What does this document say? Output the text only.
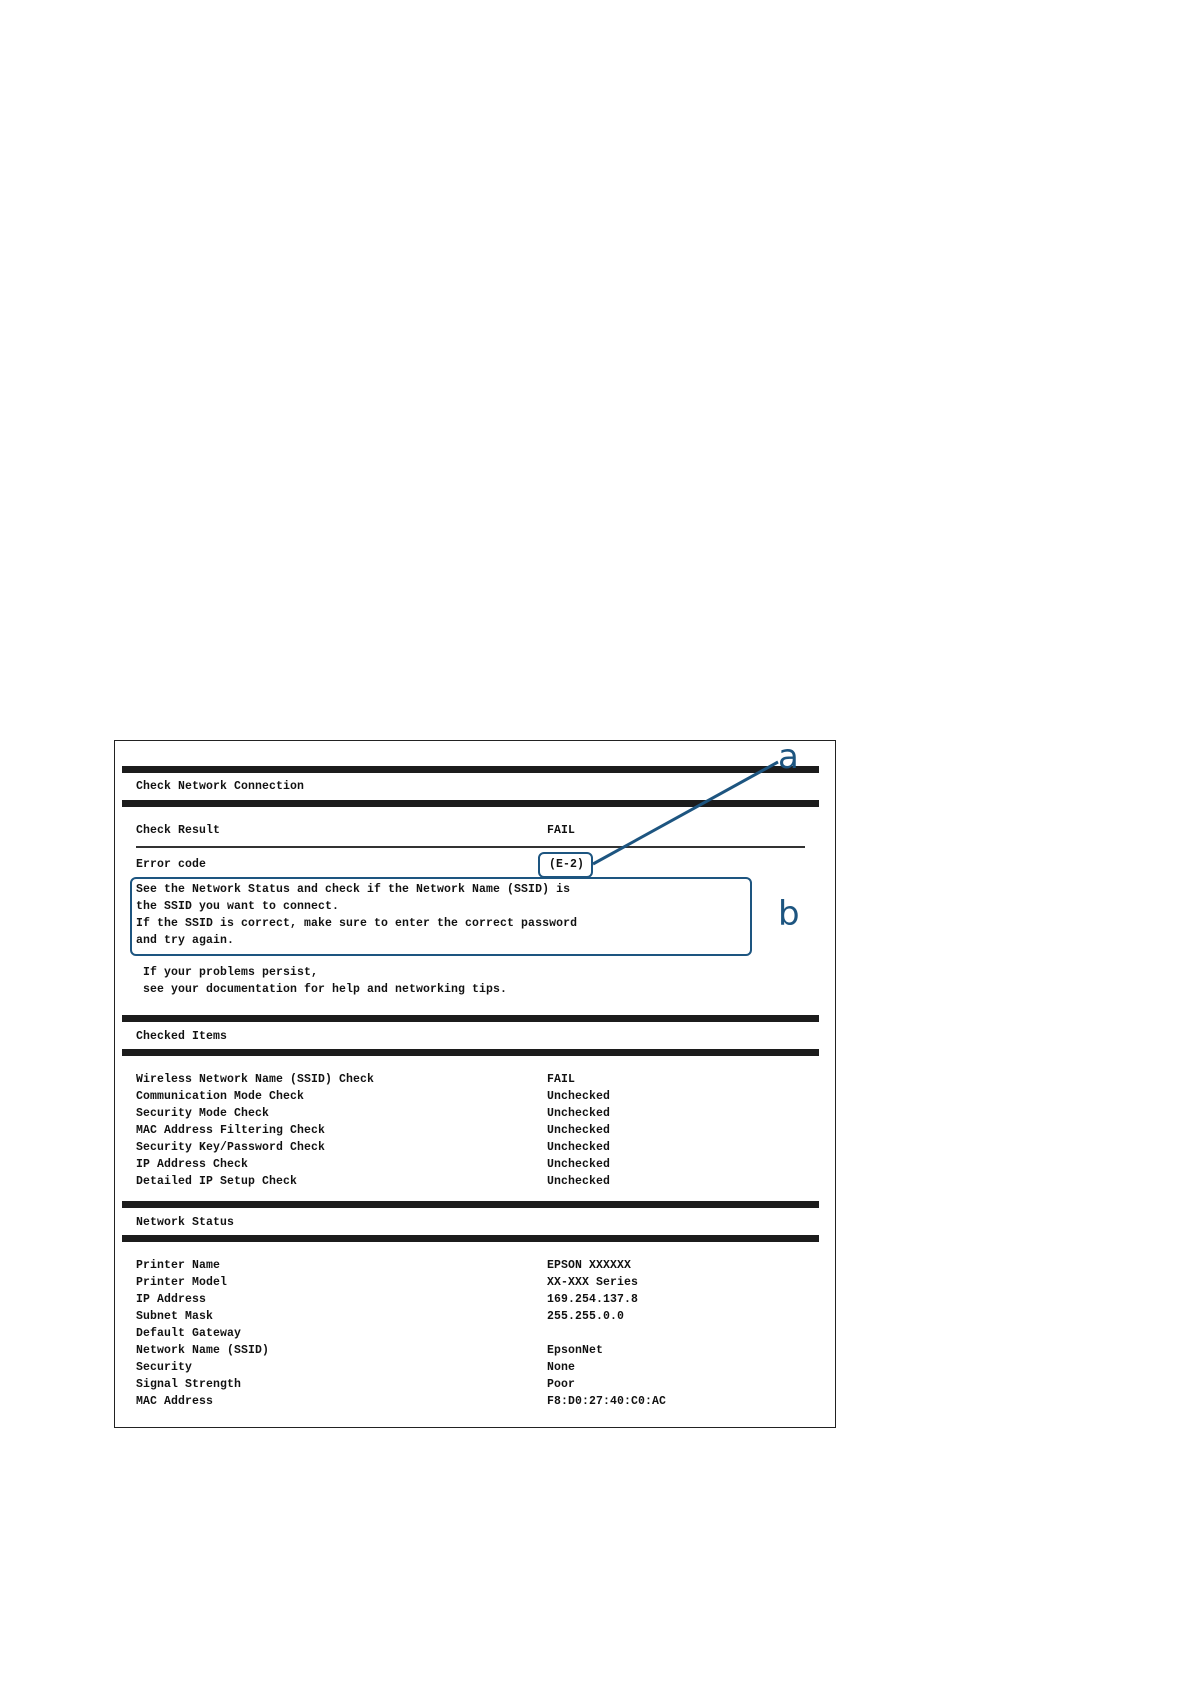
Check Network Connection
Check Result	FAIL
Error code	(E-2)
See the Network Status and check if the Network Name (SSID) is
the SSID you want to connect.
If the SSID is correct, make sure to enter the correct password
and try again.
If your problems persist,
see your documentation for help and networking tips.
Checked Items
Wireless Network Name (SSID) Check	FAIL
Communication Mode Check	Unchecked
Security Mode Check	Unchecked
MAC Address Filtering Check	Unchecked
Security Key/Password Check	Unchecked
IP Address Check	Unchecked
Detailed IP Setup Check	Unchecked
Network Status
Printer Name	EPSON XXXXXX
Printer Model	XX-XXX Series
IP Address	169.254.137.8
Subnet Mask	255.255.0.0
Default Gateway
Network Name (SSID)	EpsonNet
Security	None
Signal Strength	Poor
MAC Address	F8:D0:27:40:C0:AC
a
b
